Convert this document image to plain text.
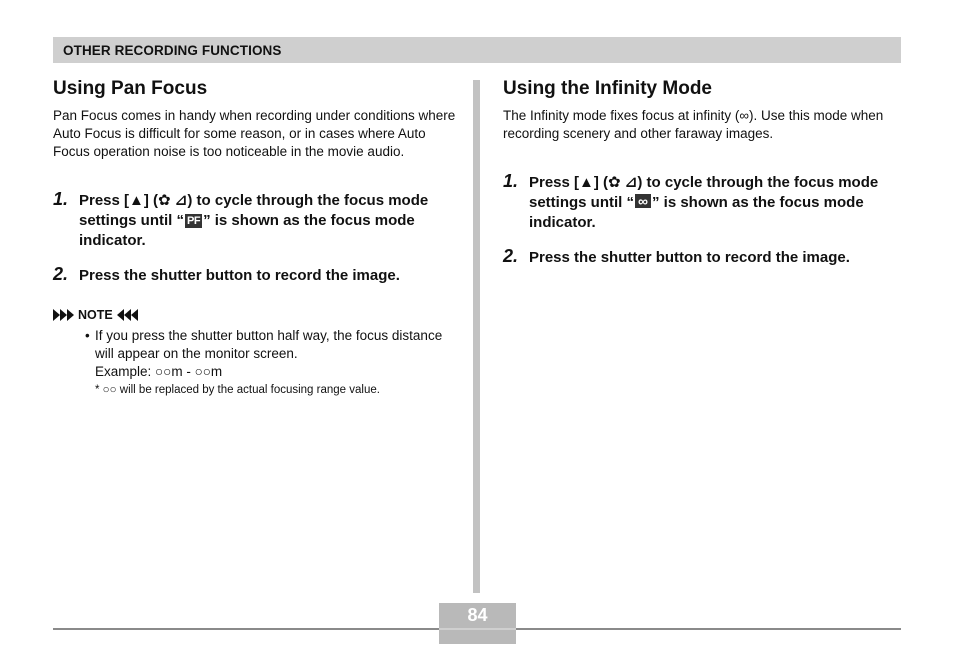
OTHER RECORDING FUNCTIONS
Using Pan Focus

Pan Focus comes in handy when recording under conditions where Auto Focus is difficult for some reason, or in cases where Auto Focus operation noise is too noticeable in the movie audio.

1. Press [▲] (✿ ⊿) to cycle through the focus mode settings until “ PF ” is shown as the focus mode indicator.
2. Press the shutter button to record the image.
NOTE
• If you press the shutter button half way, the focus distance will appear on the monitor screen.
Example: ○○m - ○○m
* ○○ will be replaced by the actual focusing range value.
Using the Infinity Mode

The Infinity mode fixes focus at infinity (∞). Use this mode when recording scenery and other faraway images.

1. Press [▲] (✿ ⊿) to cycle through the focus mode settings until “ ∞ ” is shown as the focus mode indicator.
2. Press the shutter button to record the image.
84
